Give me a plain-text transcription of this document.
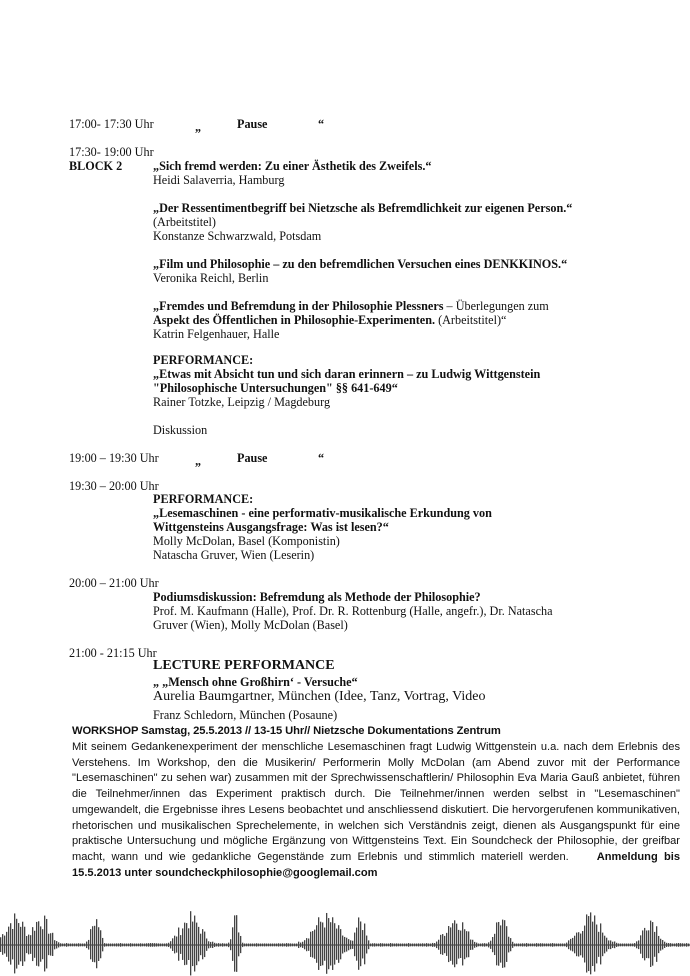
17:00- 17:30 Uhr	„	Pause	“
17:30- 19:00 Uhr
BLOCK 2	„Sich fremd werden: Zu einer Ästhetik des Zweifels.“
Heidi Salaverria, Hamburg
„Der Ressentimentbegriff bei Nietzsche als Befremdlichkeit zur eigenen Person.“
(Arbeitstitel)
Konstanze Schwarzwald, Potsdam
„Film und Philosophie – zu den befremdlichen Versuchen eines DENKKINOS.“
Veronika Reichl, Berlin
„Fremdes und Befremdung in der Philosophie Plessners – Überlegungen zum
Aspekt des Öffentlichen in Philosophie-Experimenten. (Arbeitstitel)“
Katrin Felgenhauer, Halle
PERFORMANCE:
„Etwas mit Absicht tun und sich daran erinnern – zu Ludwig Wittgenstein
"Philosophische Untersuchungen" §§ 641-649“
Rainer Totzke, Leipzig / Magdeburg
Diskussion
19:00 – 19:30 Uhr	„	Pause	“
19:30 – 20:00 Uhr
PERFORMANCE:
„Lesemaschinen - eine performativ-musikalische Erkundung von
Wittgensteins Ausgangsfrage: Was ist lesen?“
Molly McDolan, Basel (Komponistin)
Natascha Gruver, Wien (Leserin)
20:00 – 21:00 Uhr
Podiumsdiskussion: Befremdung als Methode der Philosophie?
Prof. M. Kaufmann (Halle), Prof. Dr. R. Rottenburg (Halle, angefr.), Dr. Natascha
Gruver (Wien), Molly McDolan (Basel)
21:00 - 21:15 Uhr
LECTURE PERFORMANCE
„ „Mensch ohne Großhirn‘ - Versuche“
Aurelia Baumgartner, München (Idee, Tanz, Vortrag, Video
Franz Schledorn, München (Posaune)
WORKSHOP Samstag, 25.5.2013 // 13-15 Uhr// Nietzsche Dokumentations Zentrum
Mit seinem Gedankenexperiment der menschliche Lesemaschinen fragt Ludwig Wittgenstein u.a. nach dem Erlebnis des Verstehens. Im Workshop, den die Musikerin/ Performerin Molly McDolan (am Abend zuvor mit der Performance "Lesemaschinen" zu sehen war) zusammen mit der Sprechwissenschaftlerin/ Philosophin Eva Maria Gauß anbietet, führen die Teilnehmer/innen das Experiment praktisch durch. Die Teilnehmer/innen werden selbst in "Lesemaschinen" umgewandelt, die Ergebnisse ihres Lesens beobachtet und anschliessend diskutiert. Die hervorgerufenen kommunikativen, rhetorischen und musikalischen Sprechelemente, in welchen sich Verständnis zeigt, dienen als Ausgangspunkt für eine praktische Untersuchung und mögliche Ergänzung von Wittgensteins Text. Ein Soundcheck der Philosophie, der greifbar macht, wann und wie gedankliche Gegenstände zum Erlebnis und stimmlich materiell werden.	Anmeldung bis 15.5.2013 unter soundcheckphilosophie@googlemail.com
